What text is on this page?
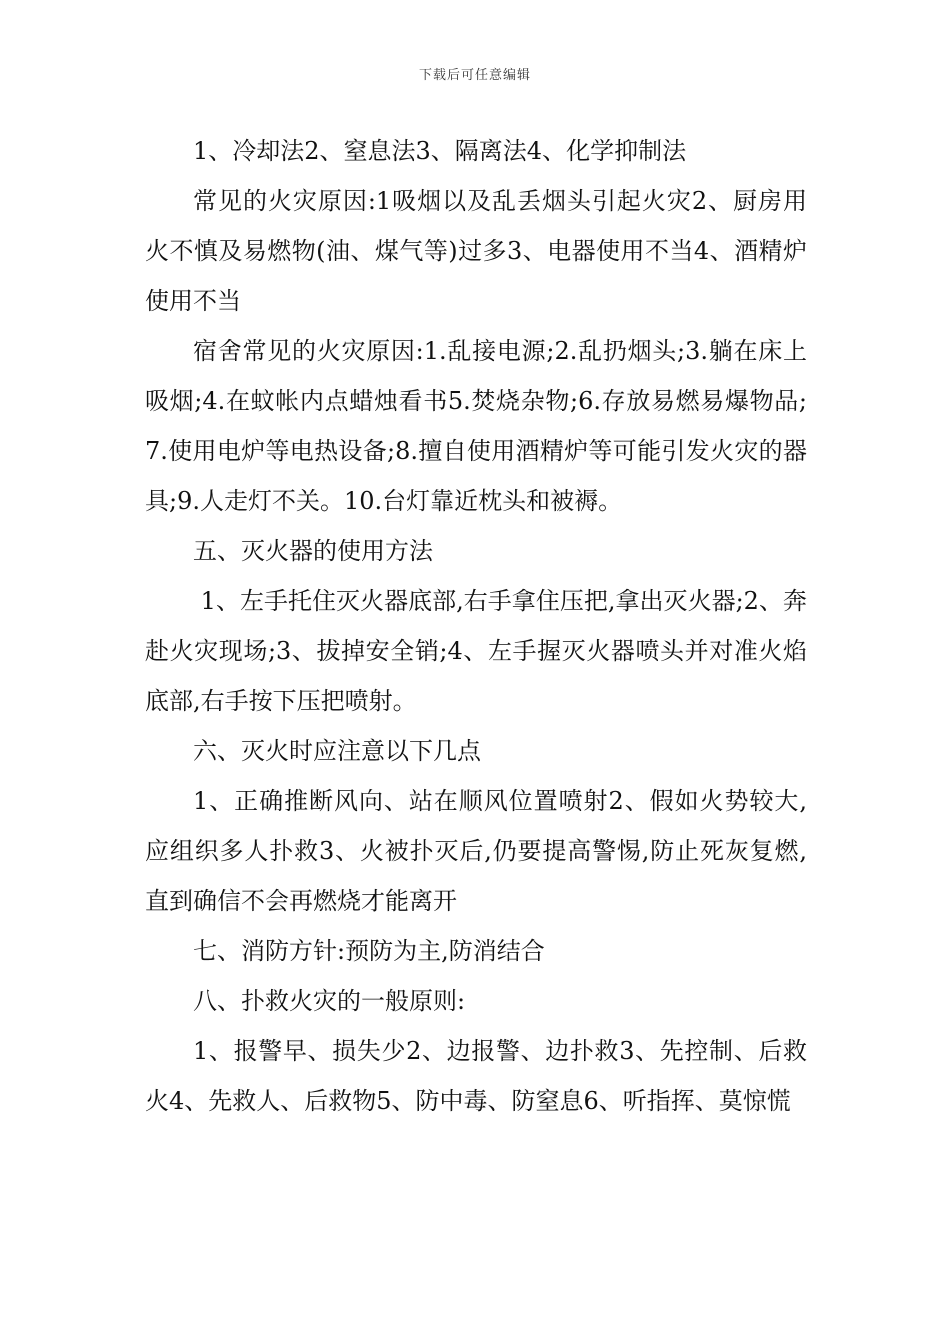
下载后可任意编辑

1、冷却法2、窒息法3、隔离法4、化学抑制法

常见的火灾原因:1吸烟以及乱丢烟头引起火灾2、厨房用火不慎及易燃物(油、煤气等)过多3、电器使用不当4、酒精炉使用不当

宿舍常见的火灾原因:1.乱接电源;2.乱扔烟头;3.躺在床上吸烟;4.在蚊帐内点蜡烛看书5.焚烧杂物;6.存放易燃易爆物品;7.使用电炉等电热设备;8.擅自使用酒精炉等可能引发火灾的器具;9.人走灯不关。10.台灯靠近枕头和被褥。

五、灭火器的使用方法

1、左手托住灭火器底部,右手拿住压把,拿出灭火器;2、奔赴火灾现场;3、拔掉安全销;4、左手握灭火器喷头并对准火焰底部,右手按下压把喷射。

六、灭火时应注意以下几点

1、正确推断风向、站在顺风位置喷射2、假如火势较大,应组织多人扑救3、火被扑灭后,仍要提高警惕,防止死灰复燃,直到确信不会再燃烧才能离开

七、消防方针:预防为主,防消结合

八、扑救火灾的一般原则:

1、报警早、损失少2、边报警、边扑救3、先控制、后救火4、先救人、后救物5、防中毒、防窒息6、听指挥、莫惊慌
